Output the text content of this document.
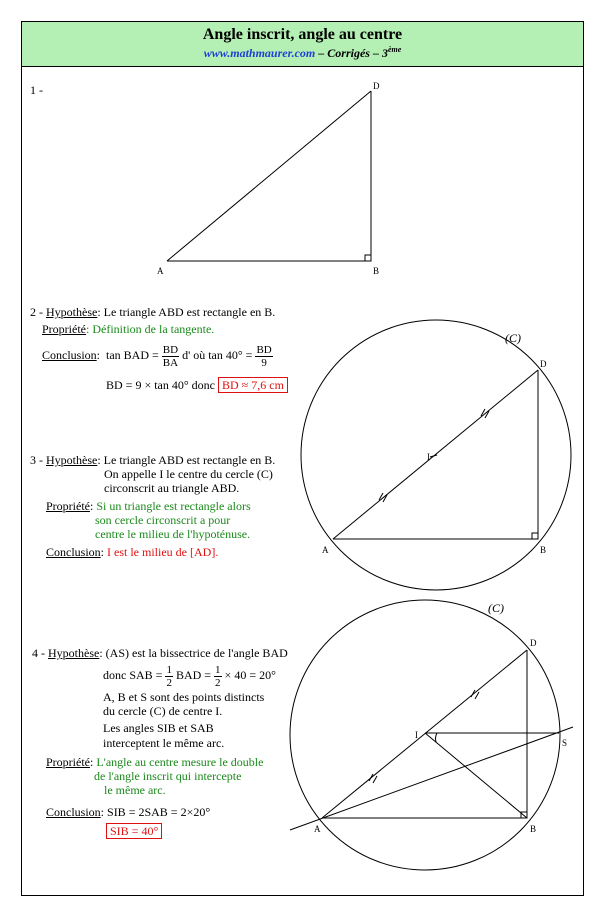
Angle inscrit, angle au centre
www.mathmaurer.com – Corrigés – 3ème
1 -
A	B
D
2 - Hypothèse: Le triangle ABD est rectangle en B.
Propriété: Définition de la tangente.
Conclusion:  tan BAD = $\frac{BD}{BA} d'$ où $\tan 40^\circ = \frac{BD}{9}$
BD = 9 × tan 40° donc BD ≈ 7,6 cm
3 - Hypothèse: Le triangle ABD est rectangle en B.
On appelle I le centre du cercle (C)
circonscrit au triangle ABD.
Propriété: Si un triangle est rectangle alors
son cercle circonscrit a pour
centre le milieu de l'hypoténuse.
Conclusion: I est le milieu de [AD].
(C)
A	B
D
I
4 - Hypothèse: (AS) est la bissectrice de l'angle BAD
donc SAB = $\frac{1}{2}$ BAD = $\frac{1}{2} \times 40 = 20^\circ$
A, B et S sont des points distincts
du cercle (C) de centre I.
Les angles SIB et SAB
interceptent le même arc.
Propriété: L'angle au centre mesure le double
de l'angle inscrit qui intercepte
le même arc.
Conclusion: SIB = 2SAB = 2×20°
SIB = 40°
(C)
A	B
D
I
S
